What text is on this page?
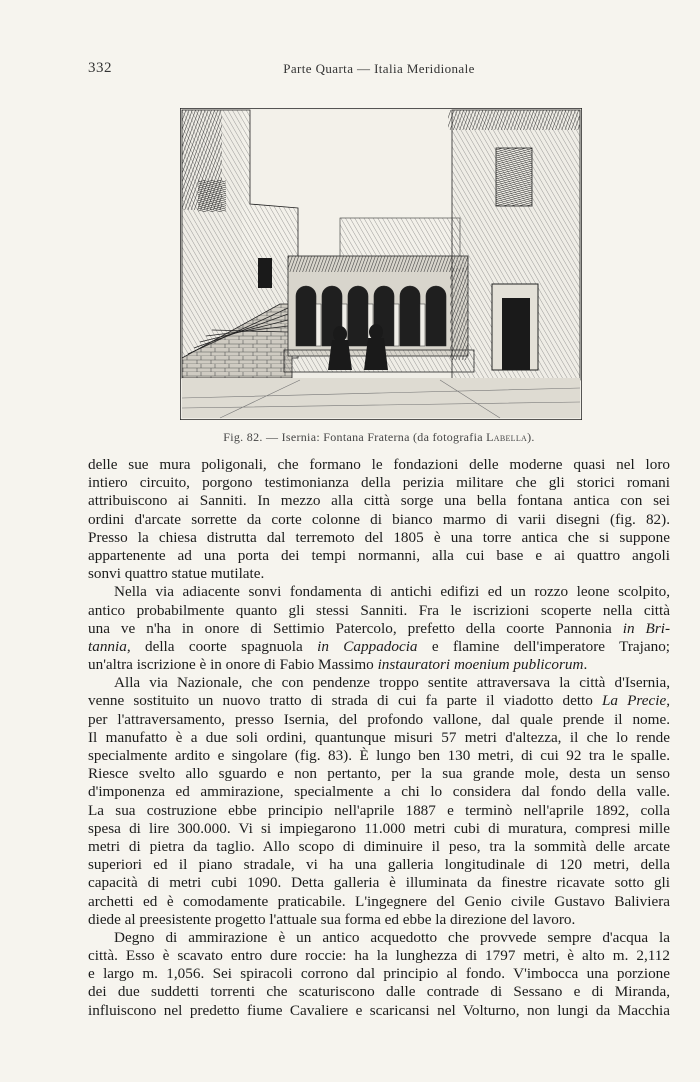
332	Parte Quarta — Italia Meridionale
Fig. 82. — Isernia: Fontana Fraterna (da fotografia Labella).
delle sue mura poligonali, che formano le fondazioni delle moderne quasi nel loro
intiero circuito, porgono testimonianza della perizia militare che gli storici romani
attribuiscono ai Sanniti. In mezzo alla città sorge una bella fontana antica con sei
ordini d'arcate sorrette da corte colonne di bianco marmo di varii disegni (fig. 82).
Presso la chiesa distrutta dal terremoto del 1805 è una torre antica che si suppone
appartenente ad una porta dei tempi normanni, alla cui base e ai quattro angoli
sonvi quattro statue mutilate.
Nella via adiacente sonvi fondamenta di antichi edifizi ed un rozzo leone scolpito,
antico probabilmente quanto gli stessi Sanniti. Fra le iscrizioni scoperte nella città
una ve n'ha in onore di Settimio Patercolo, prefetto della coorte Pannonia in Bri-
tannia, della coorte spagnuola in Cappadocia e flamine dell'imperatore Trajano;
un'altra iscrizione è in onore di Fabio Massimo instauratori moenium publicorum.
Alla via Nazionale, che con pendenze troppo sentite attraversava la città d'Isernia,
venne sostituito un nuovo tratto di strada di cui fa parte il viadotto detto La Precie,
per l'attraversamento, presso Isernia, del profondo vallone, dal quale prende il nome.
Il manufatto è a due soli ordini, quantunque misuri 57 metri d'altezza, il che lo rende
specialmente ardito e singolare (fig. 83). È lungo ben 130 metri, di cui 92 tra le spalle.
Riesce svelto allo sguardo e non pertanto, per la sua grande mole, desta un senso
d'imponenza ed ammirazione, specialmente a chi lo considera dal fondo della valle.
La sua costruzione ebbe principio nell'aprile 1887 e terminò nell'aprile 1892, colla
spesa di lire 300.000. Vi si impiegarono 11.000 metri cubi di muratura, compresi mille
metri di pietra da taglio. Allo scopo di diminuire il peso, tra la sommità delle arcate
superiori ed il piano stradale, vi ha una galleria longitudinale di 120 metri, della
capacità di metri cubi 1090. Detta galleria è illuminata da finestre ricavate sotto gli
archetti ed è comodamente praticabile. L'ingegnere del Genio civile Gustavo Baliviera
diede al preesistente progetto l'attuale sua forma ed ebbe la direzione del lavoro.
Degno di ammirazione è un antico acquedotto che provvede sempre d'acqua la
città. Esso è scavato entro dure roccie: ha la lunghezza di 1797 metri, è alto m. 2,112
e largo m. 1,056. Sei spiracoli corrono dal principio al fondo. V'imbocca una porzione
dei due suddetti torrenti che scaturiscono dalle contrade di Sessano e di Miranda,
influiscono nel predetto fiume Cavaliere e scaricansi nel Volturno, non lungi da Macchia
